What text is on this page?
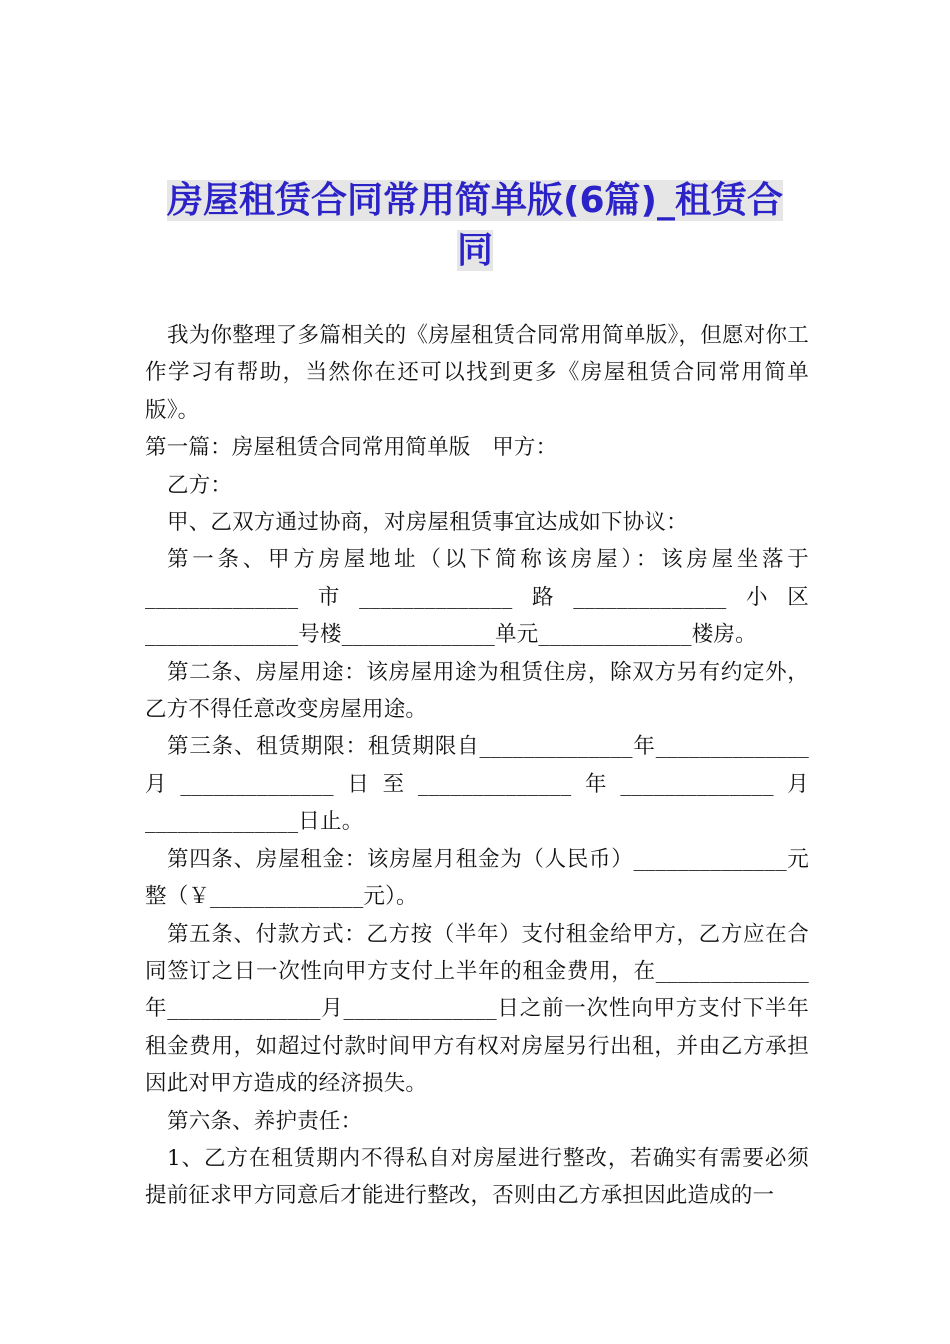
房屋租赁合同常用简单版(6篇)_租赁合
同

我为你整理了多篇相关的《房屋租赁合同常用简单版》，但愿对你工作学习有帮助，当然你在还可以找到更多《房屋租赁合同常用简单版》。

第一篇：房屋租赁合同常用简单版　甲方：

乙方：

甲、乙双方通过协商，对房屋租赁事宜达成如下协议：

第一条、甲方房屋地址（以下简称该房屋）：该房屋坐落于______________市______________路______________小区______________号楼______________单元______________楼房。

第二条、房屋用途：该房屋用途为租赁住房，除双方另有约定外，乙方不得任意改变房屋用途。

第三条、租赁期限：租赁期限自______________年______________月______________日至______________年______________月______________日止。

第四条、房屋租金：该房屋月租金为（人民币）______________元整（￥______________元）。

第五条、付款方式：乙方按（半年）支付租金给甲方，乙方应在合同签订之日一次性向甲方支付上半年的租金费用，在______________年______________月______________日之前一次性向甲方支付下半年租金费用，如超过付款时间甲方有权对房屋另行出租，并由乙方承担因此对甲方造成的经济损失。

第六条、养护责任：

1、乙方在租赁期内不得私自对房屋进行整改，若确实有需要必须提前征求甲方同意后才能进行整改，否则由乙方承担因此造成的一
